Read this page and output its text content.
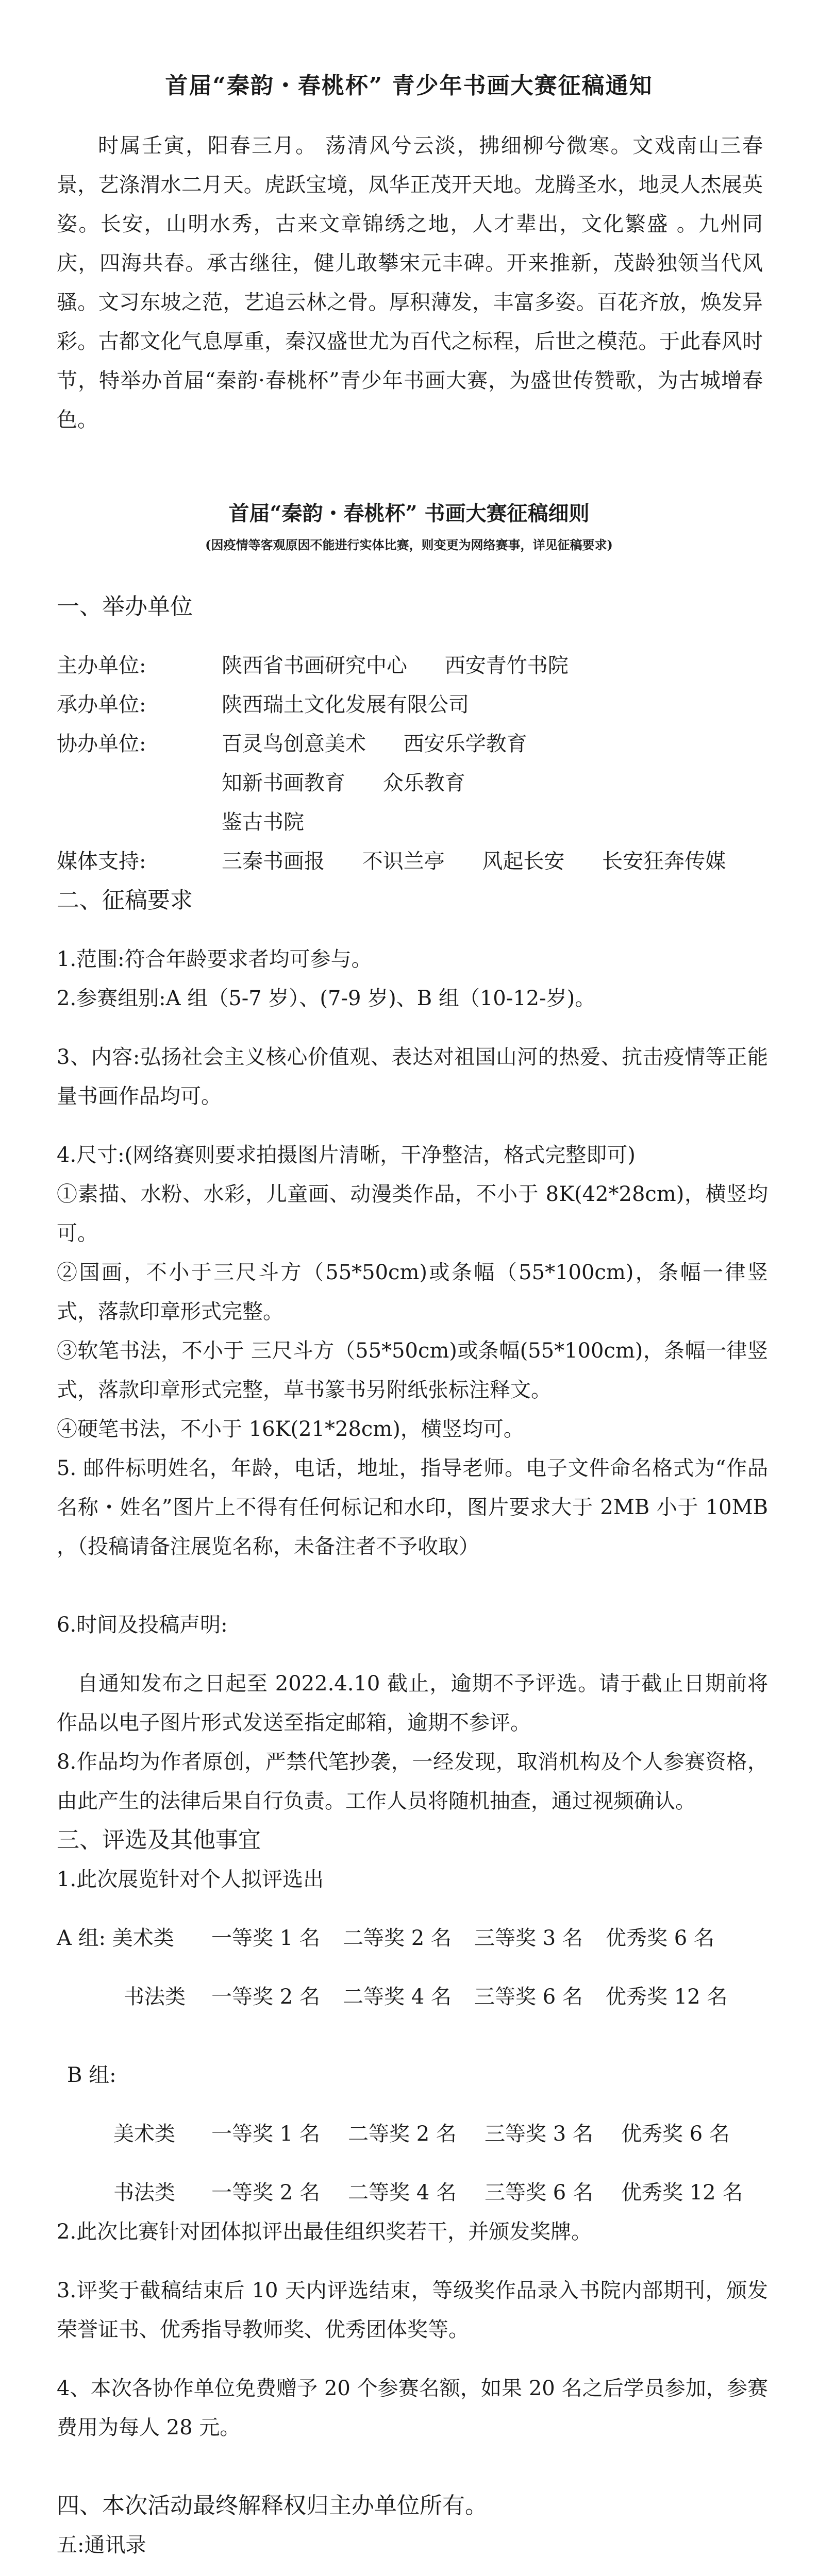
首届“秦韵・春桃杯” 青少年书画大赛征稿通知

时属壬寅，阳春三月。 荡清风兮云淡，拂细柳兮微寒。文戏南山三春景，艺涤渭水二月天。虎跃宝境，凤华正茂开天地。龙腾圣水，地灵人杰展英姿。长安，山明水秀，古来文章锦绣之地，人才辈出，文化繁盛 。九州同庆，四海共春。承古继往，健儿敢攀宋元丰碑。开来推新，茂龄独领当代风骚。文习东坡之范，艺追云林之骨。厚积薄发，丰富多姿。百花齐放，焕发异彩。古都文化气息厚重，秦汉盛世尤为百代之标程，后世之模范。于此春风时节，特举办首届“秦韵·春桃杯”青少年书画大赛，为盛世传赞歌，为古城增春色。

首届“秦韵・春桃杯” 书画大赛征稿细则
(因疫情等客观原因不能进行实体比赛，则变更为网络赛事，详见征稿要求)
一、举办单位
主办单位:	陕西省书画研究中心 西安青竹书院
承办单位:	陕西瑞土文化发展有限公司
协办单位:	百灵鸟创意美术 西安乐学教育
知新书画教育 众乐教育
鉴古书院
媒体支持:	三秦书画报 不识兰亭 风起长安 长安狂奔传媒
二、征稿要求
1.范围:符合年龄要求者均可参与。
2.参赛组别:A 组（5-7 岁）、(7-9 岁)、B 组（10-12-岁)。
3、内容:弘扬社会主义核心价值观、表达对祖国山河的热爱、抗击疫情等正能量书画作品均可。
4.尺寸:(网络赛则要求拍摄图片清晰，干净整洁，格式完整即可)
①素描、水粉、水彩，儿童画、动漫类作品，不小于 8K(42*28cm)，横竖均可。
②国画，不小于三尺斗方（55*50cm)或条幅（55*100cm)，条幅一律竖式，落款印章形式完整。
③软笔书法，不小于 三尺斗方（55*50cm)或条幅(55*100cm)，条幅一律竖式，落款印章形式完整，草书篆书另附纸张标注释文。
④硬笔书法，不小于 16K(21*28cm)，横竖均可。
5. 邮件标明姓名，年龄，电话，地址，指导老师。电子文件命名格式为“作品名称・姓名”图片上不得有任何标记和水印，图片要求大于 2MB 小于 10MB ，（投稿请备注展览名称，未备注者不予收取）
6.时间及投稿声明:
自通知发布之日起至 2022.4.10 截止，逾期不予评选。请于截止日期前将作品以电子图片形式发送至指定邮箱，逾期不参评。
8.作品均为作者原创，严禁代笔抄袭，一经发现，取消机构及个人参赛资格，由此产生的法律后果自行负责。工作人员将随机抽查，通过视频确认。
三、评选及其他事宜
1.此次展览针对个人拟评选出
A 组: 美术类	一等奖 1 名	二等奖 2 名	三等奖 3 名	优秀奖 6 名
书法类	一等奖 2 名	二等奖 4 名	三等奖 6 名	优秀奖 12 名
B 组:
美术类	一等奖 1 名	二等奖 2 名	三等奖 3 名	优秀奖 6 名
书法类	一等奖 2 名	二等奖 4 名	三等奖 6 名	优秀奖 12 名
2.此次比赛针对团体拟评出最佳组织奖若干，并颁发奖牌。
3.评奖于截稿结束后 10 天内评选结束，等级奖作品录入书院内部期刊，颁发荣誉证书、优秀指导教师奖、优秀团体奖等。
4、本次各协作单位免费赠予 20 个参赛名额，如果 20 名之后学员参加，参赛费用为每人 28 元。
四、本次活动最终解释权归主办单位所有。
五:通讯录
